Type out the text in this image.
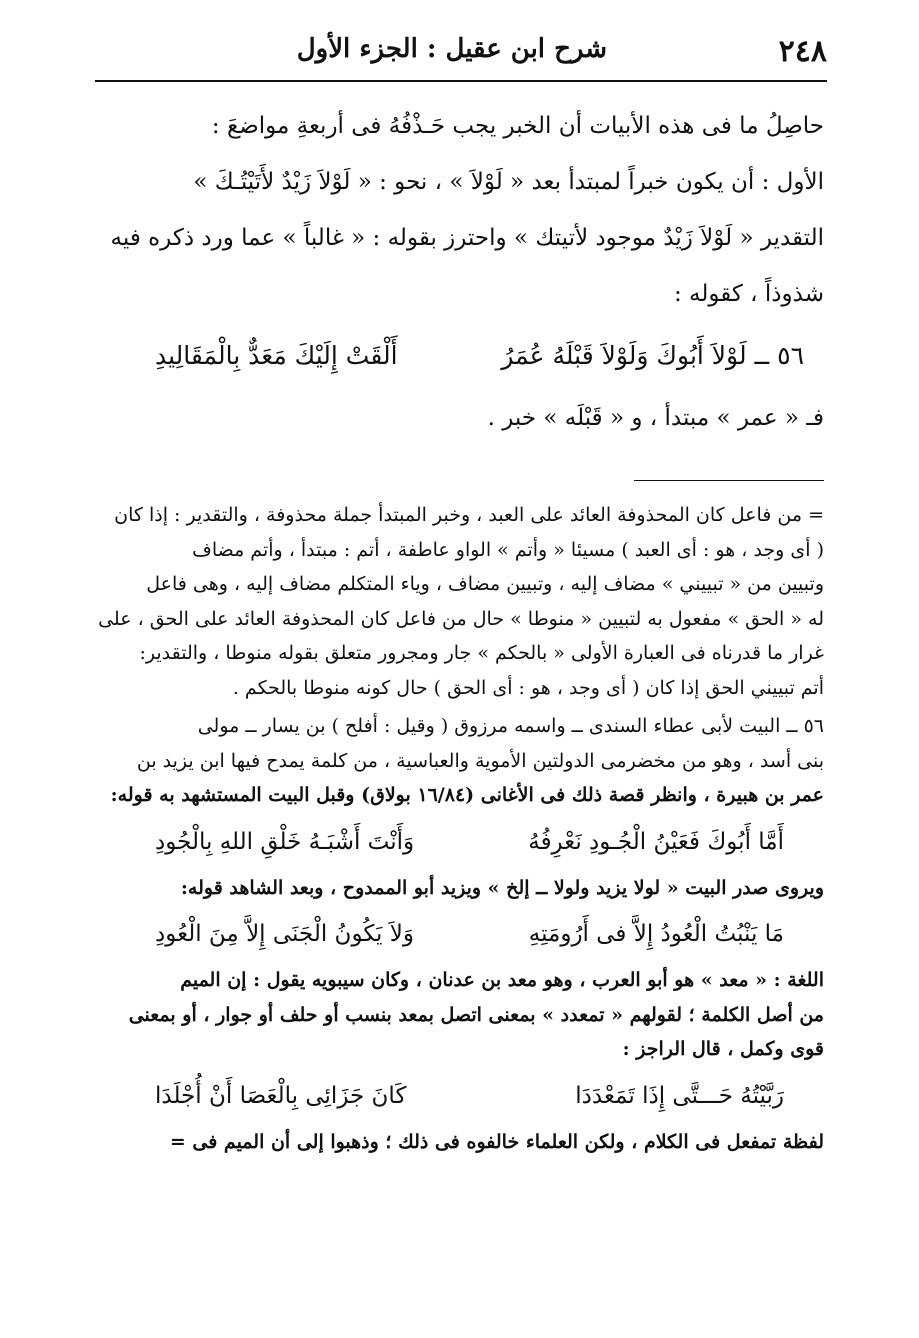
٢٤٨
شرح ابن عقيل : الجزء الأول

حاصِلُ ما فى هذه الأبيات أن الخبر يجب حَـذْفُهُ فى أربعةِ مواضعَ :

الأول : أن يكون خبراً لمبتدأ بعد « لَوْلاَ » ، نحو : « لَوْلاَ زَيْدٌ لأَتَيْتُـكَ »

التقدير « لَوْلاَ زَيْدٌ موجود لأتيتك » واحترز بقوله : « غالباً » عما ورد ذكره فيه

شذوذاً ، كقوله :

٥٦ ــ لَوْلاَ أَبُوكَ وَلَوْلاَ قَبْلَهُ عُمَرُ
أَلْقَتْ إِلَيْكَ مَعَدٌّ بِالْمَقَالِيدِ

فـ « عمر » مبتدأ ، و « قَبْلَه » خبر .

= من فاعل كان المحذوفة العائد على العبد ، وخبر المبتدأ جملة محذوفة ، والتقدير : إذا كان

( أى وجد ، هو : أى العبد ) مسيئا « وأتم » الواو عاطفة ، أتم : مبتدأ ، وأتم مضاف

وتبيين من « تبييني » مضاف إليه ، وتبيين مضاف ، وياء المتكلم مضاف إليه ، وهى فاعل

له « الحق » مفعول به لتبيين « منوطا » حال من فاعل كان المحذوفة العائد على الحق ، على

غرار ما قدرناه فى العبارة الأولى « بالحكم » جار ومجرور متعلق بقوله منوطا ، والتقدير:

أتم تبييني الحق إذا كان ( أى وجد ، هو : أى الحق ) حال كونه منوطا بالحكم .

٥٦ ــ البيت لأبى عطاء السندى ــ واسمه مرزوق ( وقيل : أفلح ) بن يسار ــ مولى

بنى أسد ، وهو من مخضرمى الدولتين الأموية والعباسية ، من كلمة يمدح فيها ابن يزيد بن

عمر بن هبيرة ، وانظر قصة ذلك فى الأغانى (١٦/٨٤ بولاق) وقبل البيت المستشهد به قوله:

أَمَّا أَبُوكَ فَعَيْنُ الْجُـودِ نَعْرِفُهُ
وَأَنْتَ أَشْبَـهُ خَلْقِ اللهِ بِالْجُودِ

ويروى صدر البيت « لولا يزيد ولولا ــ إلخ » ويزيد أبو الممدوح ، وبعد الشاهد قوله:

مَا يَنْبُتُ الْعُودُ إِلاَّ فى أَرُومَتِهِ
وَلاَ يَكُونُ الْجَنَى إِلاَّ مِنَ الْعُودِ

اللغة : « معد » هو أبو العرب ، وهو معد بن عدنان ، وكان سيبويه يقول : إن الميم

من أصل الكلمة ؛ لقولهم « تمعدد » بمعنى اتصل بمعد بنسب أو حلف أو جوار ، أو بمعنى

قوى وكمل ، قال الراجز :

رَبَّيْتُهُ حَـــتَّى إِذَا تَمَعْدَدَا
كَانَ جَزَائِى بِالْعَصَا أَنْ أُجْلَدَا

لفظة تمفعل فى الكلام ، ولكن العلماء خالفوه فى ذلك ؛ وذهبوا إلى أن الميم فى =
